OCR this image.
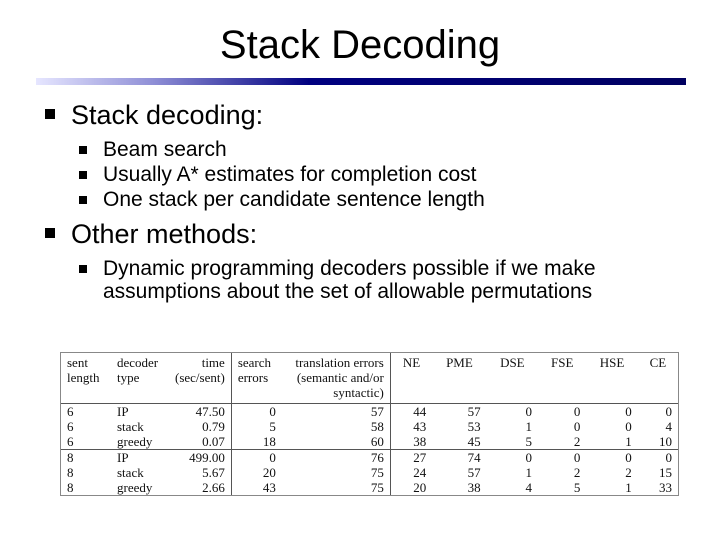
Stack Decoding
Stack decoding:
Beam search
Usually A* estimates for completion cost
One stack per candidate sentence length
Other methods:
Dynamic programming decoders possible if we make assumptions about the set of allowable permutations
sent length	decoder type	time (sec/sent)	search errors	translation errors (semantic and/or syntactic)	NE	PME	DSE	FSE	HSE	CE
6	IP	47.50	0	57	44	57	0	0	0	0
6	stack	0.79	5	58	43	53	1	0	0	4
6	greedy	0.07	18	60	38	45	5	2	1	10
8	IP	499.00	0	76	27	74	0	0	0	0
8	stack	5.67	20	75	24	57	1	2	2	15
8	greedy	2.66	43	75	20	38	4	5	1	33
